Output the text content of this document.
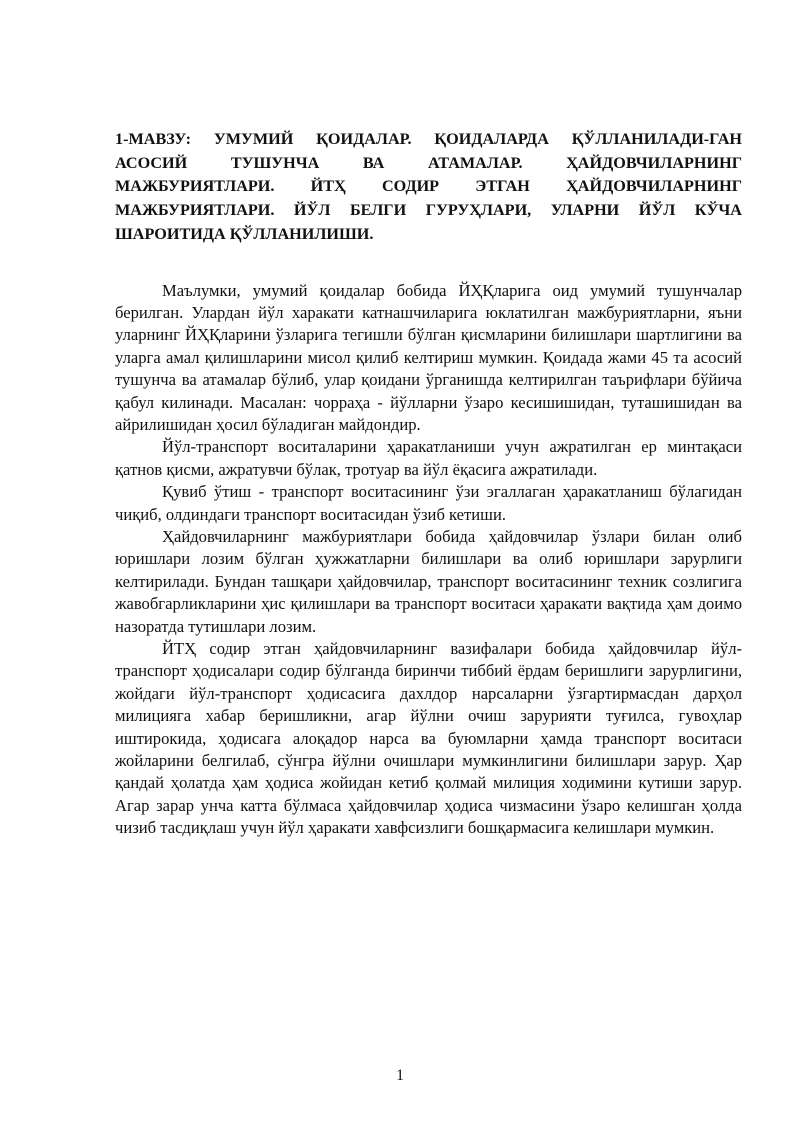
1-МАВЗУ: УМУМИЙ ҚОИДАЛАР. ҚОИДАЛАРДА ҚЎЛЛАНИЛАДИ-ГАН АСОСИЙ ТУШУНЧА ВА АТАМАЛАР. ҲАЙДОВЧИЛАРНИНГ МАЖБУРИЯТЛАРИ. ЙТҲ СОДИР ЭТГАН ҲАЙДОВЧИЛАРНИНГ МАЖБУРИЯТЛАРИ. ЙЎЛ БЕЛГИ ГУРУҲЛАРИ, УЛАРНИ ЙЎЛ КЎЧА ШАРОИТИДА ҚЎЛЛАНИЛИШИ.

Маълумки, умумий қоидалар бобида ЙҲҚларига оид умумий тушунчалар берилган. Улардан йўл харакати катнашчиларига юклатилган мажбуриятларни, яъни уларнинг ЙҲҚларини ўзларига тегишли бўлган қисмларини билишлари шартлигини ва уларга амал қилишларини мисол қилиб келтириш мумкин. Қоидада жами 45 та асосий тушунча ва атамалар бўлиб, улар қоидани ўрганишда келтирилган таърифлари бўйича қабул килинади. Масалан: чорраҳа - йўлларни ўзаро кесишишидан, туташишидан ва айрилишидан ҳосил бўладиган майдондир.

Йўл-транспорт воситаларини ҳаракатланиши учун ажратилган ер минтақаси қатнов қисми, ажратувчи бўлак, тротуар ва йўл ёқасига ажратилади.

Қувиб ўтиш - транспорт воситасининг ўзи эгаллаган ҳаракатланиш бўлагидан чиқиб, олдиндаги транспорт воситасидан ўзиб кетиши.

Ҳайдовчиларнинг мажбуриятлари бобида ҳайдовчилар ўзлари билан олиб юришлари лозим бўлган ҳужжатларни билишлари ва олиб юришлари зарурлиги келтирилади. Бундан ташқари ҳайдовчилар, транспорт воситасининг техник созлигига жавобгарликларини ҳис қилишлари ва транспорт воситаси ҳаракати вақтида ҳам доимо назоратда тутишлари лозим.

ЙТҲ содир этган ҳайдовчиларнинг вазифалари бобида ҳайдовчилар йўл-транспорт ҳодисалари содир бўлганда биринчи тиббий ёрдам беришлиги зарурлигини, жойдаги йўл-транспорт ҳодисасига дахлдор нарсаларни ўзгартирмасдан дарҳол милицияга хабар беришликни, агар йўлни очиш зарурияти туғилса, гувоҳлар иштирокида, ҳодисага алоқадор нарса ва буюмларни ҳамда транспорт воситаси жойларини белгилаб, сўнгра йўлни очишлари мумкинлигини билишлари зарур. Ҳар қандай ҳолатда ҳам ҳодиса жойидан кетиб қолмай милиция ходимини кутиши зарур. Агар зарар унча катта бўлмаса ҳайдовчилар ҳодиса чизмасини ўзаро келишган ҳолда чизиб тасдиқлаш учун йўл ҳаракати хавфсизлиги бошқармасига келишлари мумкин.

1
